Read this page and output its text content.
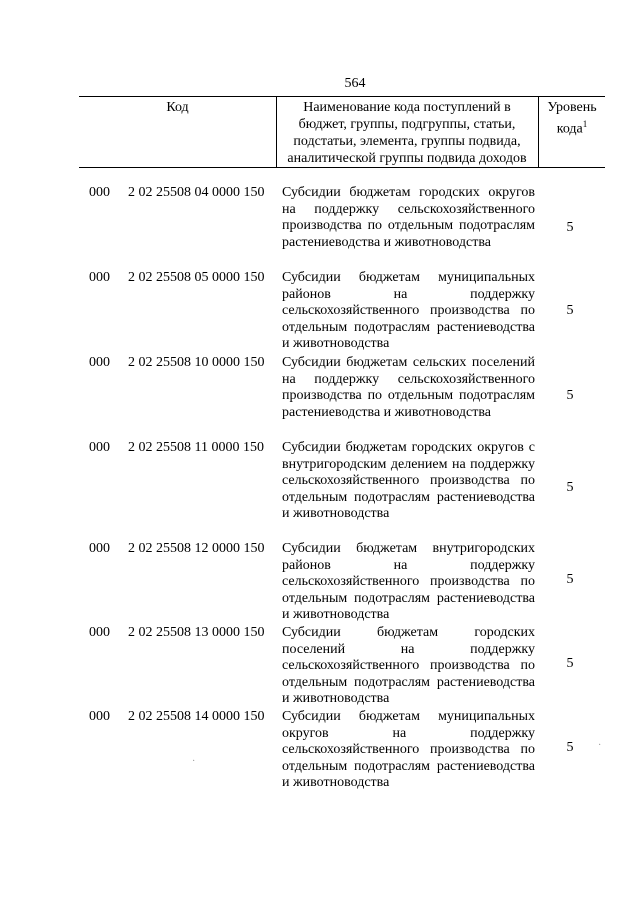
564
Код	Наименование кода поступлений в бюджет, группы, подгруппы, статьи, подстатьи, элемента, группы подвида, аналитической группы подвида доходов
Уровень кода$^1$
000 2 02 25508 04 0000 150 Субсидии бюджетам городских округов на поддержку сельскохозяйственного производства по отдельным подотраслям растениеводства и животноводства
5
000 2 02 25508 05 0000 150 Субсидии бюджетам муниципальных районов на поддержку сельскохозяйственного производства по отдельным подотраслям растениеводства и животноводства
5
000 2 02 25508 10 0000 150 Субсидии бюджетам сельских поселений на поддержку сельскохозяйственного производства по отдельным подотраслям растениеводства и животноводства
5
000 2 02 25508 11 0000 150 Субсидии бюджетам городских округов с внутригородским делением на поддержку сельскохозяйственного производства по отдельным подотраслям растениеводства и животноводства
5
000 2 02 25508 12 0000 150 Субсидии бюджетам внутригородских районов на поддержку сельскохозяйственного производства по отдельным подотраслям растениеводства и животноводства
5
000 2 02 25508 13 0000 150 Субсидии бюджетам городских поселений на поддержку сельскохозяйственного производства по отдельным подотраслям растениеводства и животноводства
5
000 2 02 25508 14 0000 150 Субсидии бюджетам муниципальных округов на поддержку сельскохозяйственного производства по отдельным подотраслям растениеводства и животноводства
5	·
·
